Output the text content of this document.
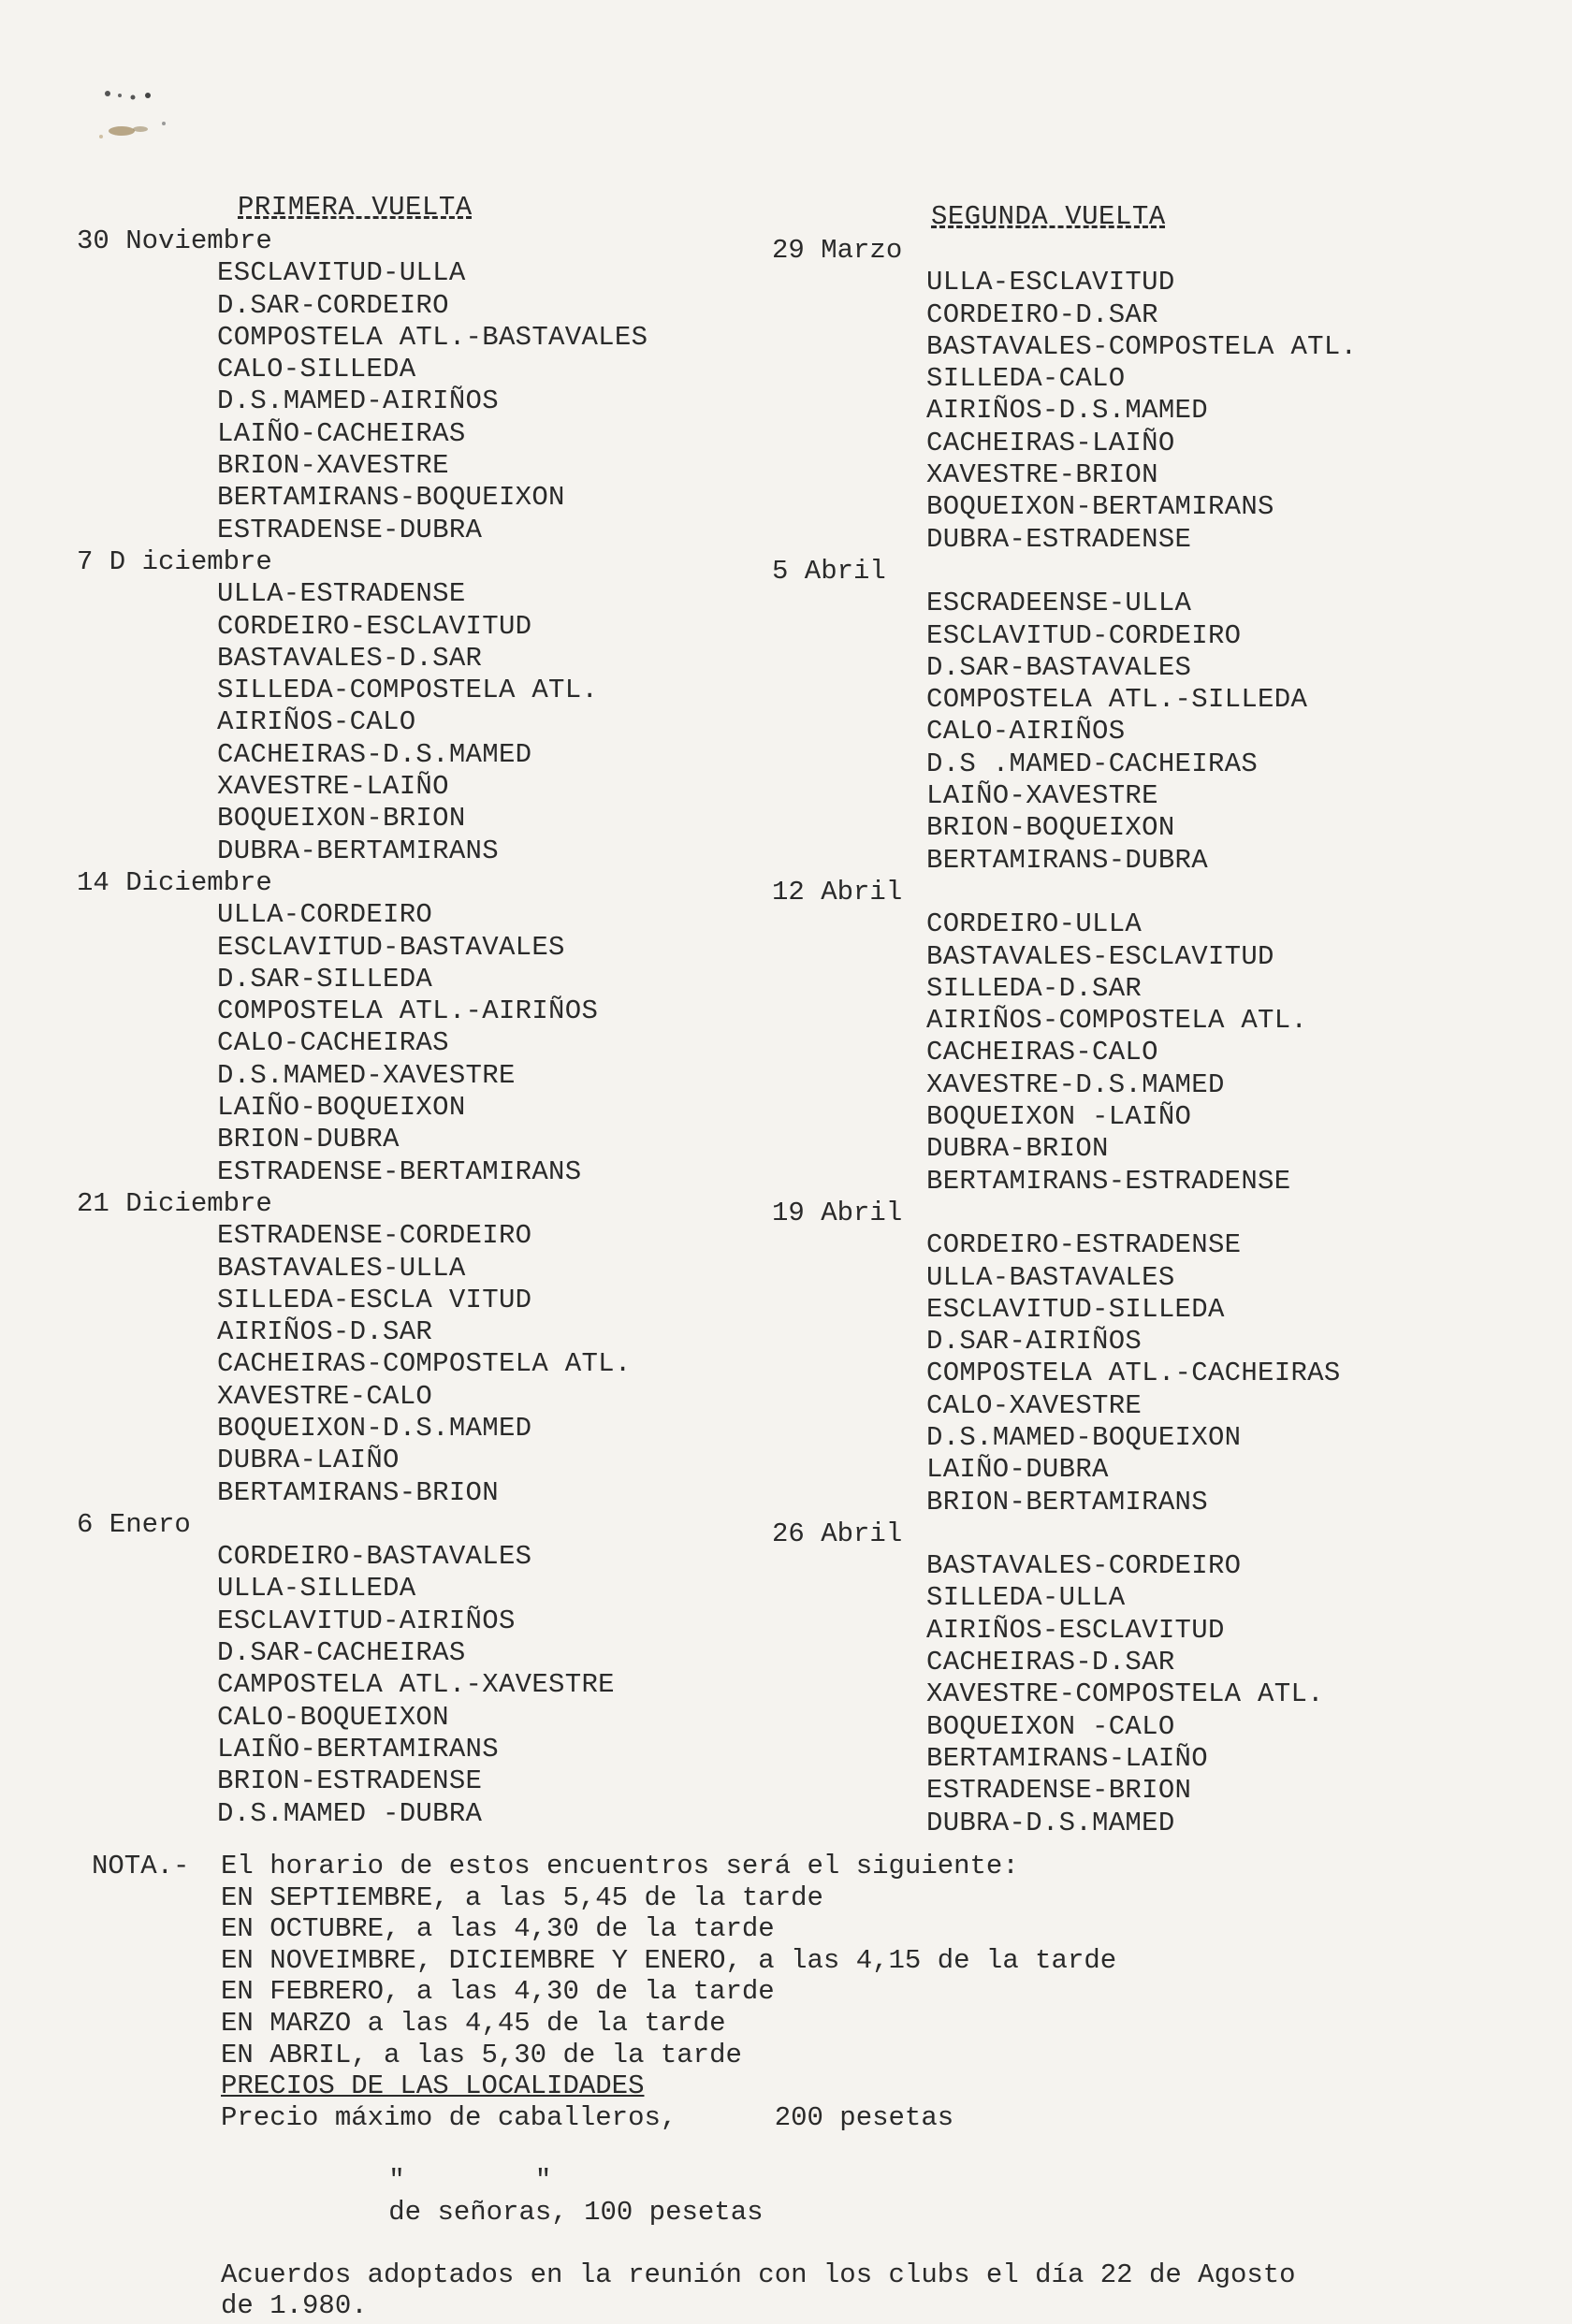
PRIMERA VUELTA
30 Noviembre
ESCLAVITUD-ULLA
D.SAR-CORDEIRO
COMPOSTELA ATL.-BASTAVALES
CALO-SILLEDA
D.S.MAMED-AIRIÑOS
LAIÑO-CACHEIRAS
BRION-XAVESTRE
BERTAMIRANS-BOQUEIXON
ESTRADENSE-DUBRA
7 D iciembre
ULLA-ESTRADENSE
CORDEIRO-ESCLAVITUD
BASTAVALES-D.SAR
SILLEDA-COMPOSTELA ATL.
AIRIÑOS-CALO
CACHEIRAS-D.S.MAMED
XAVESTRE-LAIÑO
BOQUEIXON-BRION
DUBRA-BERTAMIRANS
14 Diciembre
ULLA-CORDEIRO
ESCLAVITUD-BASTAVALES
D.SAR-SILLEDA
COMPOSTELA ATL.-AIRIÑOS
CALO-CACHEIRAS
D.S.MAMED-XAVESTRE
LAIÑO-BOQUEIXON
BRION-DUBRA
ESTRADENSE-BERTAMIRANS
21 Diciembre
ESTRADENSE-CORDEIRO
BASTAVALES-ULLA
SILLEDA-ESCLA VITUD
AIRIÑOS-D.SAR
CACHEIRAS-COMPOSTELA ATL.
XAVESTRE-CALO
BOQUEIXON-D.S.MAMED
DUBRA-LAIÑO
BERTAMIRANS-BRION
6 Enero
CORDEIRO-BASTAVALES
ULLA-SILLEDA
ESCLAVITUD-AIRIÑOS
D.SAR-CACHEIRAS
CAMPOSTELA ATL.-XAVESTRE
CALO-BOQUEIXON
LAIÑO-BERTAMIRANS
BRION-ESTRADENSE
D.S.MAMED -DUBRA
SEGUNDA VUELTA
29 Marzo
ULLA-ESCLAVITUD
CORDEIRO-D.SAR
BASTAVALES-COMPOSTELA ATL.
SILLEDA-CALO
AIRIÑOS-D.S.MAMED
CACHEIRAS-LAIÑO
XAVESTRE-BRION
BOQUEIXON-BERTAMIRANS
DUBRA-ESTRADENSE
5 Abril
ESCRADEENSE-ULLA
ESCLAVITUD-CORDEIRO
D.SAR-BASTAVALES
COMPOSTELA ATL.-SILLEDA
CALO-AIRIÑOS
D.S .MAMED-CACHEIRAS
LAIÑO-XAVESTRE
BRION-BOQUEIXON
BERTAMIRANS-DUBRA
12 Abril
CORDEIRO-ULLA
BASTAVALES-ESCLAVITUD
SILLEDA-D.SAR
AIRIÑOS-COMPOSTELA ATL.
CACHEIRAS-CALO
XAVESTRE-D.S.MAMED
BOQUEIXON -LAIÑO
DUBRA-BRION
BERTAMIRANS-ESTRADENSE
19 Abril
CORDEIRO-ESTRADENSE
ULLA-BASTAVALES
ESCLAVITUD-SILLEDA
D.SAR-AIRIÑOS
COMPOSTELA ATL.-CACHEIRAS
CALO-XAVESTRE
D.S.MAMED-BOQUEIXON
LAIÑO-DUBRA
BRION-BERTAMIRANS
26 Abril
BASTAVALES-CORDEIRO
SILLEDA-ULLA
AIRIÑOS-ESCLAVITUD
CACHEIRAS-D.SAR
XAVESTRE-COMPOSTELA ATL.
BOQUEIXON -CALO
BERTAMIRANS-LAIÑO
ESTRADENSE-BRION
DUBRA-D.S.MAMED
NOTA.-	El horario de estos encuentros será el siguiente:
EN SEPTIEMBRE, a las 5,45 de la tarde
EN OCTUBRE, a las 4,30 de la tarde
EN NOVEIMBRE, DICIEMBRE Y ENERO, a las 4,15 de la tarde
EN FEBRERO, a las 4,30 de la tarde
EN MARZO a las 4,45 de la tarde
EN ABRIL, a las 5,30 de la tarde
PRECIOS DE LAS LOCALIDADES
Precio máximo de caballeros,      200 pesetas

"        "
de señoras, 100 pesetas

Acuerdos adoptados en la reunión con los clubs el día 22 de Agosto
de 1.980.
